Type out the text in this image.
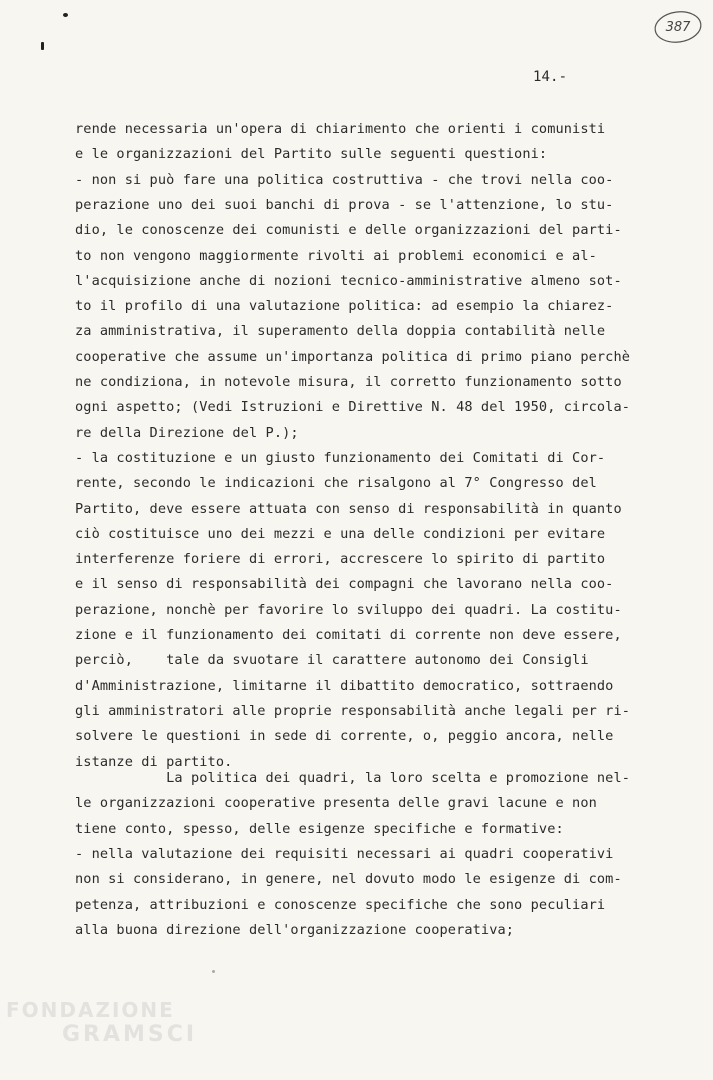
387
14.-
rende necessaria un'opera di chiarimento che orienti i comunisti
e le organizzazioni del Partito sulle seguenti questioni:
- non si può fare una politica costruttiva - che trovi nella coo-
perazione uno dei suoi banchi di prova - se l'attenzione, lo stu-
dio, le conoscenze dei comunisti e delle organizzazioni del parti-
to non vengono maggiormente rivolti ai problemi economici e al-
l'acquisizione anche di nozioni tecnico-amministrative almeno sot-
to il profilo di una valutazione politica: ad esempio la chiarez-
za amministrativa, il superamento della doppia contabilità nelle
cooperative che assume un'importanza politica di primo piano perchè
ne condiziona, in notevole misura, il corretto funzionamento sotto
ogni aspetto; (Vedi Istruzioni e Direttive N. 48 del 1950, circola-
re della Direzione del P.);
- la costituzione e un giusto funzionamento dei Comitati di Cor-
rente, secondo le indicazioni che risalgono al 7° Congresso del
Partito, deve essere attuata con senso di responsabilità in quanto
ciò costituisce uno dei mezzi e una delle condizioni per evitare
interferenze foriere di errori, accrescere lo spirito di partito
e il senso di responsabilità dei compagni che lavorano nella coo-
perazione, nonchè per favorire lo sviluppo dei quadri. La costitu-
zione e il funzionamento dei comitati di corrente non deve essere,
perciò,    tale da svuotare il carattere autonomo dei Consigli
d'Amministrazione, limitarne il dibattito democratico, sottraendo
gli amministratori alle proprie responsabilità anche legali per ri-
solvere le questioni in sede di corrente, o, peggio ancora, nelle
istanze di partito.
La politica dei quadri, la loro scelta e promozione nel-
le organizzazioni cooperative presenta delle gravi lacune e non
tiene conto, spesso, delle esigenze specifiche e formative:
- nella valutazione dei requisiti necessari ai quadri cooperativi
non si considerano, in genere, nel dovuto modo le esigenze di com-
petenza, attribuzioni e conoscenze specifiche che sono peculiari
alla buona direzione dell'organizzazione cooperativa;
FONDAZIONE
GRAMSCI
